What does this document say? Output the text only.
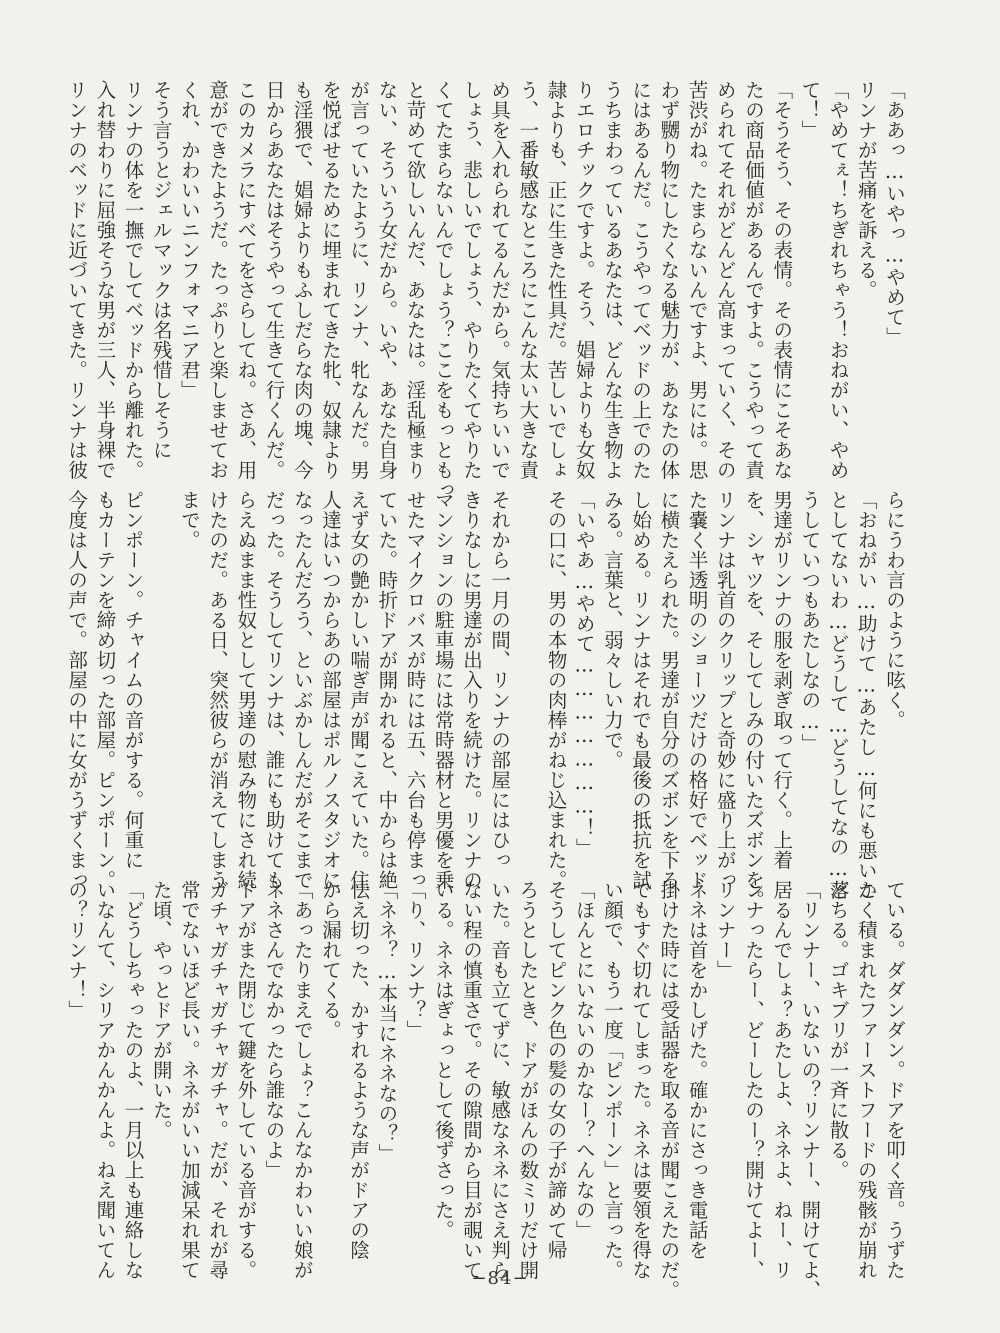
「ああっ…いやっ…やめて」
リンナが苦痛を訴える。
「やめてぇ！ちぎれちゃう！おねがい、やめ
て！」
「そうそう、その表情。その表情にこそあな
たの商品価値があるんですよ。こうやって責
められてそれがどんどん高まっていく、その
苦渋がね。たまらないんですよ、男には。思
わず嬲り物にしたくなる魅力が、あなたの体
にはあるんだ。こうやってベッドの上でのた
うちまわっているあなたは、どんな生き物よ
りエロチックですよ。そう、娼婦よりも女奴
隷よりも、正に生きた性具だ。苦しいでしょ
う、一番敏感なところにこんな太い大きな責
め具を入れられてるんだから。気持ちいいで
しょう、悲しいでしょう、やりたくてやりた
くてたまらないんでしょう？ここをもっともっ
と苛めて欲しいんだ、あなたは。淫乱極まり
ない、そういう女だから。いや、あなた自身
が言っていたように、リンナ、牝なんだ。男
を悦ばせるために埋まれてきた牝、奴隷より
も淫猥で、娼婦よりもふしだらな肉の塊、今
日からあなたはそうやって生きて行くんだ。
このカメラにすべてをさらしてね。さあ、用
意ができたようだ。たっぷりと楽しませてお
くれ、かわいいニンフォマニア君」
そう言うとジェルマックは名残惜しそうに
リンナの体を一撫でしてベッドから離れた。
入れ替わりに屈強そうな男が三人、半身裸で
リンナのベッドに近づいてきた。リンナは彼
らにうわ言のように呟く。
「おねがい…助けて…あたし…何にも悪いこ
としてないわ…どうして…どうしてなの…ど
うしていつもあたしなの…」
男達がリンナの服を剥ぎ取って行く。上着
を、シャツを、そしてしみの付いたズボンを。
リンナは乳首のクリップと奇妙に盛り上がっ
た嚢く半透明のショーツだけの格好でベッド
に横たえられた。男達が自分のズボンを下ろ
し始める。リンナはそれでも最後の抵抗を試
みる。言葉と、弱々しい力で。
「いやあ…やめて…………………！」
その口に、男の本物の肉棒がねじ込まれた。

それから一月の間、リンナの部屋にはひっ
きりなしに男達が出入りを続けた。リンナの
マンションの駐車場には常時器材と男優を乗
せたマイクロバスが時には五、六台も停まっ
ていた。時折ドアが開かれると、中からは絶
えず女の艶かしい喘ぎ声が聞こえていた。住
人達はいつからあの部屋はポルノスタジオに
なったんだろう、といぶかしんだがそこまで
だった。そうしてリンナは、誰にも助けても
らえぬまま性奴として男達の慰み物にされ続
けたのだ。ある日、突然彼らが消えてしまう
まで。

ピンポーン。チャイムの音がする。何重に
もカーテンを締め切った部屋。ピンポーン。
今度は人の声で。部屋の中に女がうずくまっ
ている。ダダンダン。ドアを叩く音。うずた
かく積まれたファーストフードの残骸が崩れ
落ちる。ゴキブリが一斉に散る。
「リンナー、いないの？リンナー、開けてよ、
居るんでしょ？あたしよ、ネネよ、ねー、リ
ンナったらー、どーしたのー？開けてよー、
リンナー」
ネネは首をかしげた。確かにさっき電話を
掛けた時には受話器を取る音が聞こえたのだ。
でもすぐ切れてしまった。ネネは要領を得な
い顔で、もう一度「ピンポーン」と言った。
「ほんとにいないのかなー？へんなの」
そうしてピンク色の髪の女の子が諦めて帰
ろうとしたとき、ドアがほんの数ミリだけ開
いた。音も立てずに、敏感なネネにさえ判ら
ない程の慎重さで。その隙間から目が覗いて
いる。ネネはぎょっとして後ずさった。
「り、リンナ？」
「ネネ？…本当にネネなの？」
怯え切った、かすれるような声がドアの陰
から漏れてくる。
「あったりまえでしょ？こんなかわいい娘が
ネネさんでなかったら誰なのよ」
ドアがまた閉じて鍵を外している音がする。
ガチャガチャガチャガチャ。だが、それが尋
常でないほど長い。ネネがいい加減呆れ果て
た頃、やっとドアが開いた。
「どうしちゃったのよ、一月以上も連絡しな
いなんて、シリアかんかんよ。ねえ聞いてん
の？リンナ！」
−84−
